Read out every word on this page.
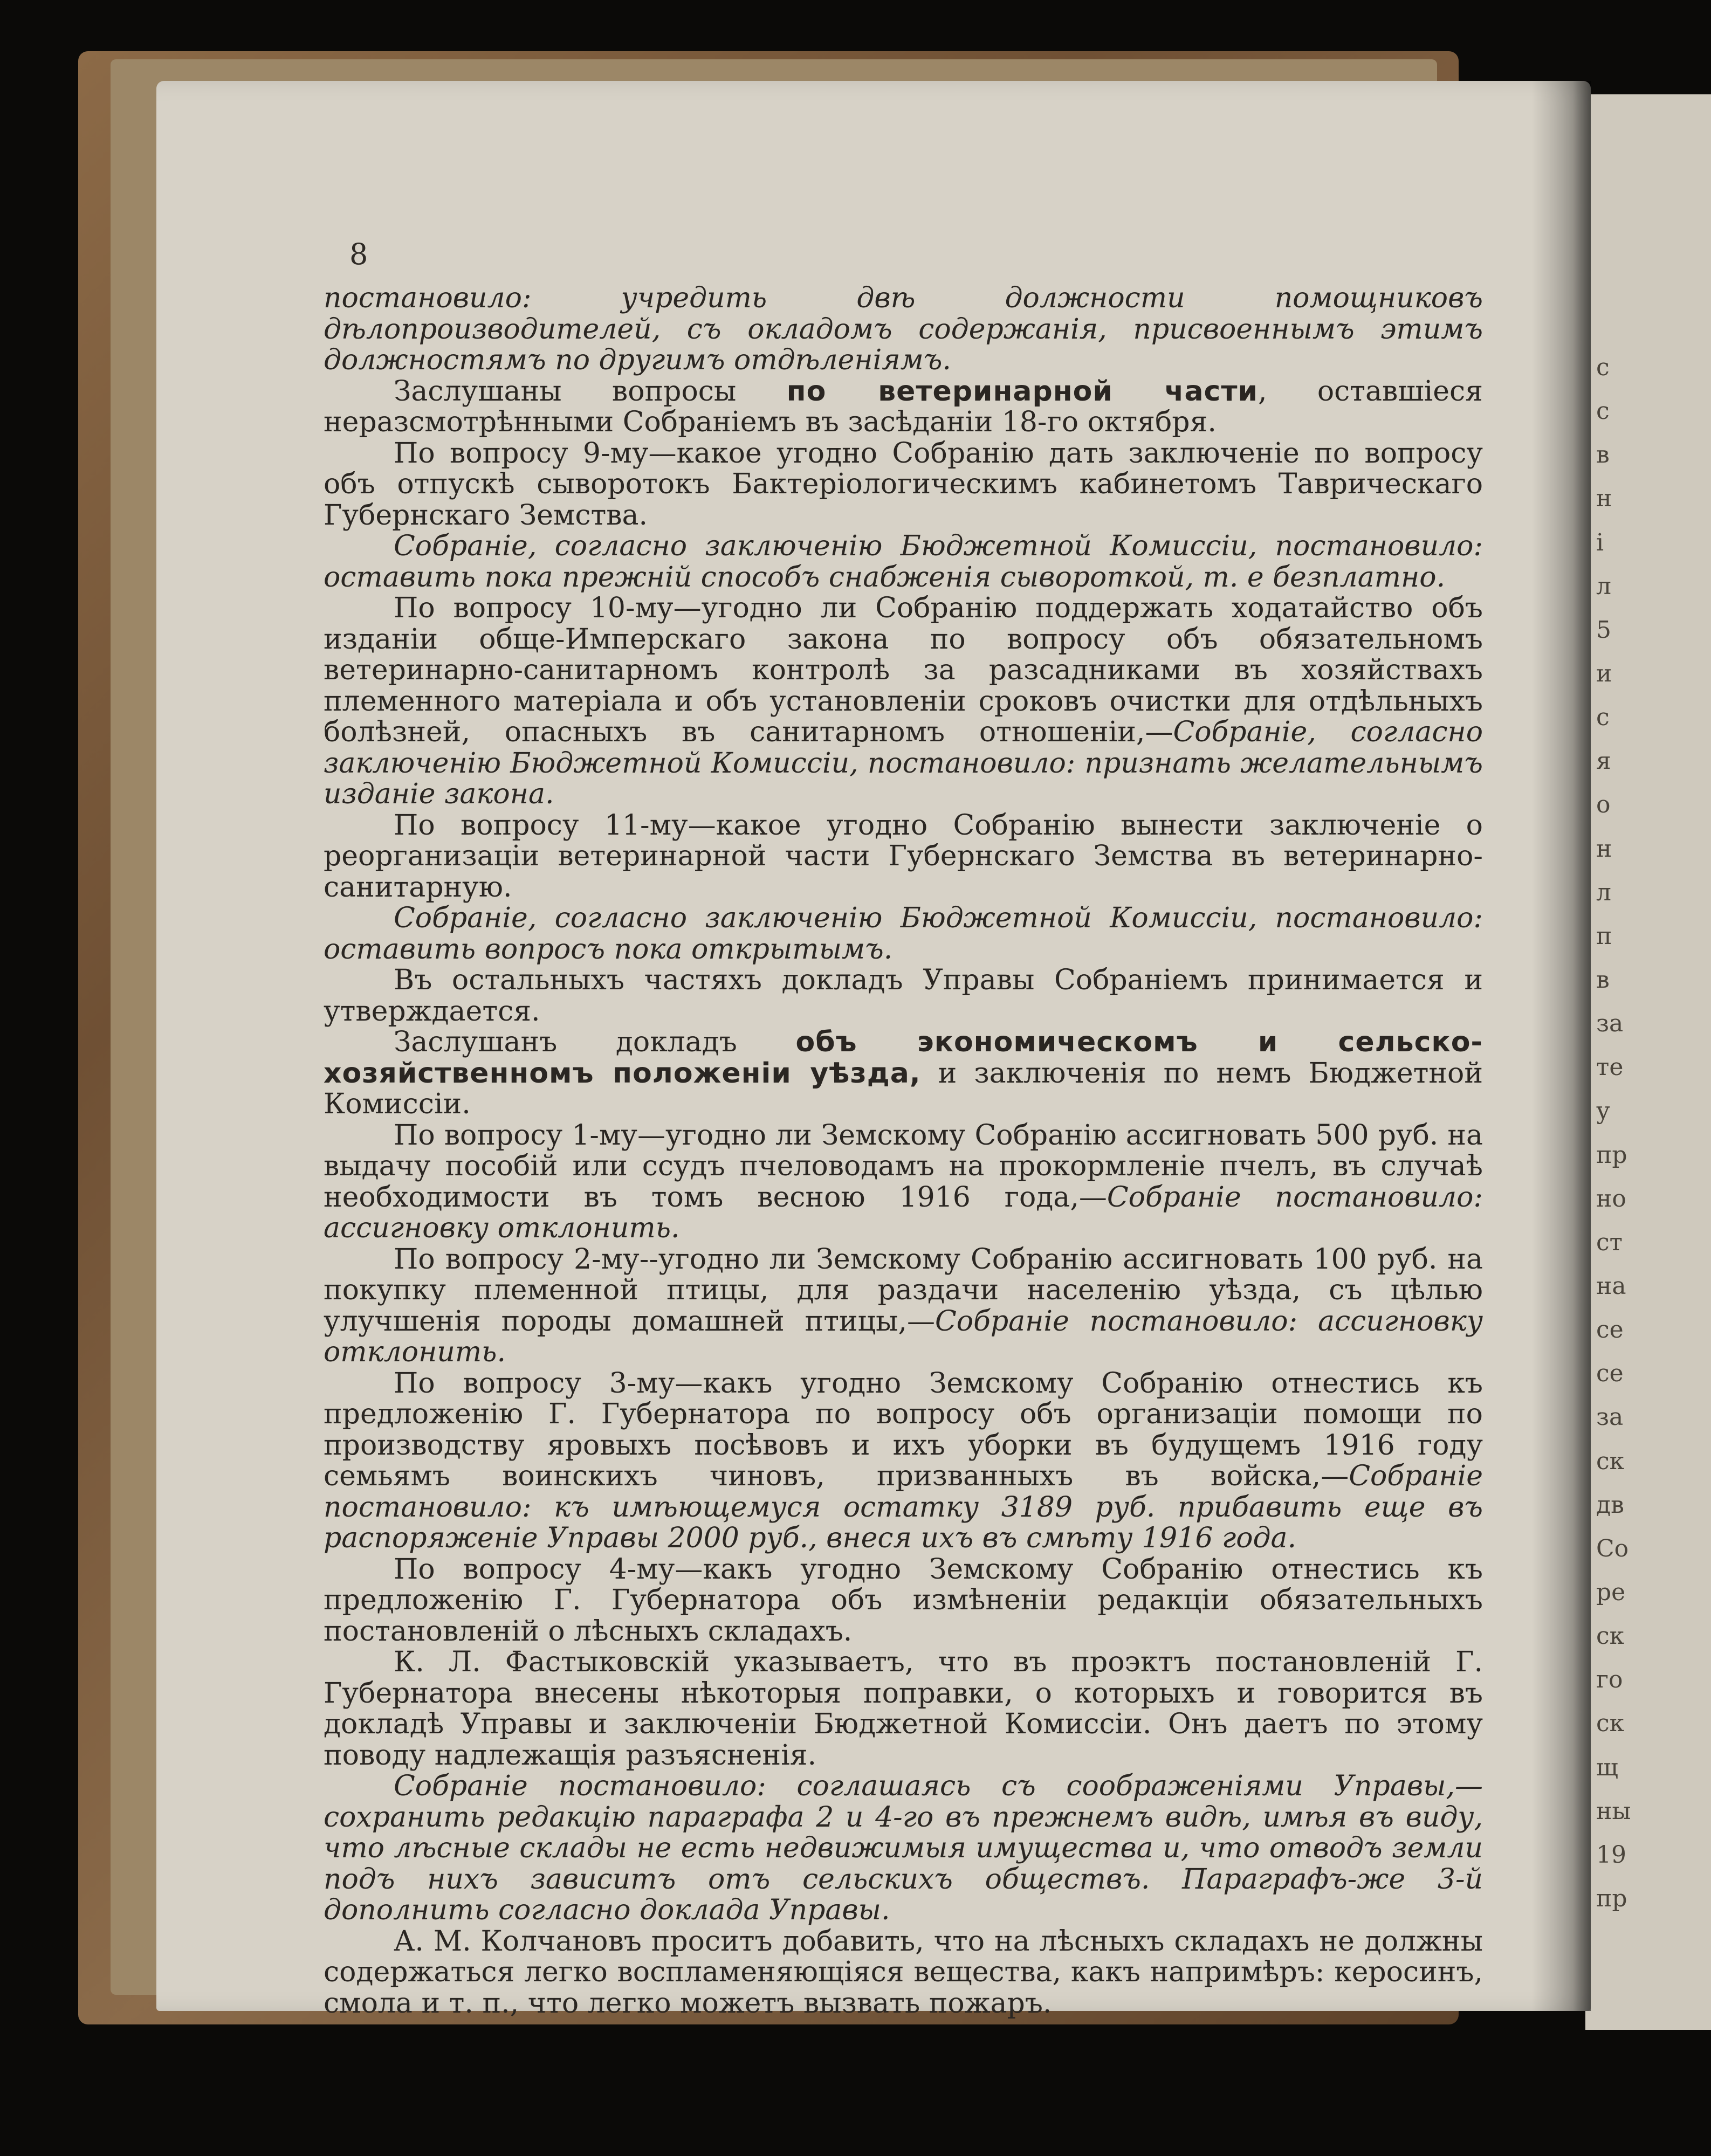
с
с
в
н
і
л
5
и
с
я
о
н
л
п
в
за
те
у
пр
но
ст
на
се
се
за
ск
дв
Со
ре
ск
го
ск
щ
ны
19
пр
8

постановило: учредить двѣ должности помощниковъ дѣлопроизводителей, съ окладомъ содержанія, присвоеннымъ этимъ должностямъ по другимъ отдѣленіямъ.

Заслушаны вопросы по ветеринарной части, оставшіеся неразсмотрѣнными Собраніемъ въ засѣданіи 18-го октября.

По вопросу 9-му—какое угодно Собранію дать заключеніе по вопросу объ отпускѣ сыворотокъ Бактеріологическимъ кабинетомъ Таврическаго Губернскаго Земства.

Собраніе, согласно заключенію Бюджетной Комиссіи, постановило: оставить пока прежній способъ снабженія сывороткой, т. е безплатно.

По вопросу 10-му—угодно ли Собранію поддержать ходатайство объ изданіи обще-Имперскаго закона по вопросу объ обязательномъ ветеринарно-санитарномъ контролѣ за разсадниками въ хозяйствахъ племенного матеріала и объ установленіи сроковъ очистки для отдѣльныхъ болѣзней, опасныхъ въ санитарномъ отношеніи,—Собраніе, согласно заключенію Бюджетной Комиссіи, постановило: признать желательнымъ изданіе закона.

По вопросу 11-му—какое угодно Собранію вынести заключеніе о реорганизаціи ветеринарной части Губернскаго Земства въ ветеринарно-санитарную.

Собраніе, согласно заключенію Бюджетной Комиссіи, постановило: оставить вопросъ пока открытымъ.

Въ остальныхъ частяхъ докладъ Управы Собраніемъ принимается и утверждается.

Заслушанъ докладъ объ экономическомъ и сельско-хозяйственномъ положеніи уѣзда, и заключенія по немъ Бюджетной Комиссіи.

По вопросу 1-му—угодно ли Земскому Собранію ассигновать 500 руб. на выдачу пособій или ссудъ пчеловодамъ на прокормленіе пчелъ, въ случаѣ необходимости въ томъ весною 1916 года,—Собраніе постановило: ассигновку отклонить.

По вопросу 2-му--угодно ли Земскому Собранію ассигновать 100 руб. на покупку племенной птицы, для раздачи населенію уѣзда, съ цѣлью улучшенія породы домашней птицы,—Собраніе постановило: ассигновку отклонить.

По вопросу 3-му—какъ угодно Земскому Собранію отнестись къ предложенію Г. Губернатора по вопросу объ организаціи помощи по производству яровыхъ посѣвовъ и ихъ уборки въ будущемъ 1916 году семьямъ воинскихъ чиновъ, призванныхъ въ войска,—Собраніе постановило: къ имѣющемуся остатку 3189 руб. прибавить еще въ распоряженіе Управы 2000 руб., внеся ихъ въ смѣту 1916 года.

По вопросу 4-му—какъ угодно Земскому Собранію отнестись къ предложенію Г. Губернатора объ измѣненіи редакціи обязательныхъ постановленій о лѣсныхъ складахъ.

К. Л. Фастыковскій указываетъ, что въ проэктъ постановленій Г. Губернатора внесены нѣкоторыя поправки, о которыхъ и говорится въ докладѣ Управы и заключеніи Бюджетной Комиссіи. Онъ даетъ по этому поводу надлежащія разъясненія.

Собраніе постановило: соглашаясь съ соображеніями Управы,—сохранить редакцію параграфа 2 и 4-го въ прежнемъ видѣ, имѣя въ виду, что лѣсные склады не есть недвижимыя имущества и, что отводъ земли подъ нихъ зависитъ отъ сельскихъ обществъ. Параграфъ-же 3-й дополнить согласно доклада Управы.

А. М. Колчановъ проситъ добавить, что на лѣсныхъ складахъ не должны содержаться легко воспламеняющіяся вещества, какъ напримѣръ: керосинъ, смола и т. п., что легко можетъ вызвать пожаръ.
